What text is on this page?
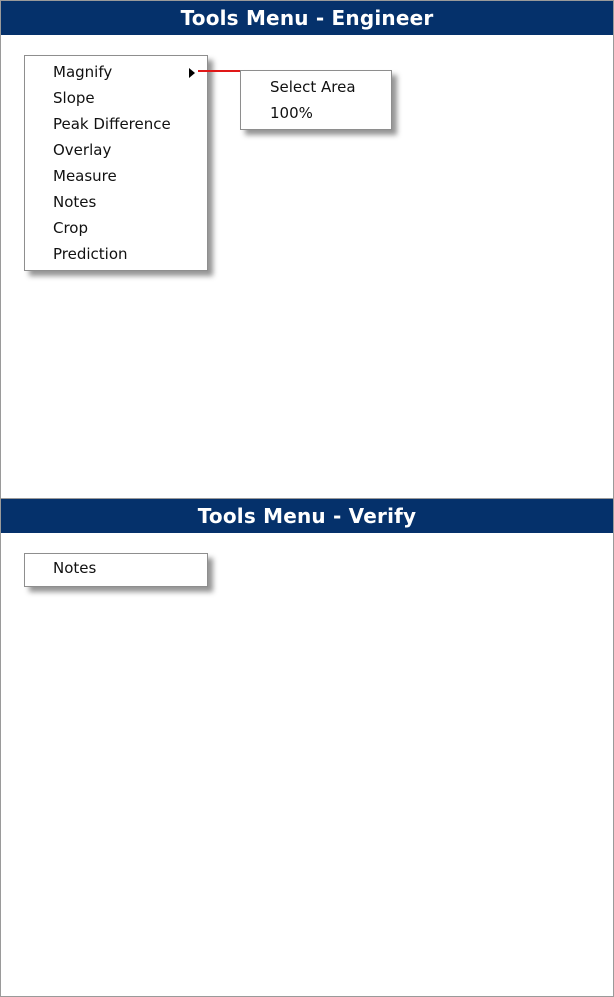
Tools Menu - Engineer
Magnify
Slope
Peak Difference
Overlay
Measure
Notes
Crop
Prediction
Select Area
100%
Tools Menu - Verify
Notes
